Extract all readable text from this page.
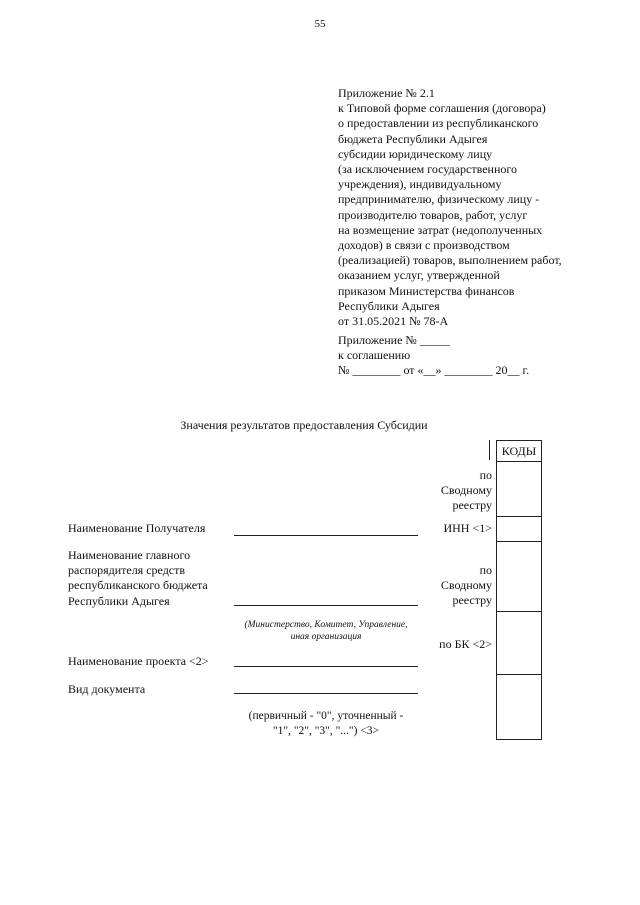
55
Приложение № 2.1
к Типовой форме соглашения (договора)
о предоставлении из республиканского
бюджета Республики Адыгея
субсидии юридическому лицу
(за исключением государственного
учреждения), индивидуальному
предпринимателю, физическому лицу -
производителю товаров, работ, услуг
на возмещение затрат (недополученных
доходов) в связи с производством
(реализацией) товаров, выполнением работ,
оказанием услуг, утвержденной
приказом Министерства финансов
Республики Адыгея
от 31.05.2021 № 78-А
Приложение № _____
к соглашению
№ ________ от «__» ________ 20__ г.
Значения результатов предоставления Субсидии
КОДЫ
по
Сводному
реестру
ИНН <1>
по
Сводному
реестру
по БК <2>
Наименование Получателя
Наименование главного
распорядителя средств
республиканского бюджета
Республики Адыгея
(Министерство, Комитет, Управление,
иная организация
Наименование проекта <2>
Вид документа
(первичный - "0", уточненный -
"1", "2", "3", "...") <3>
